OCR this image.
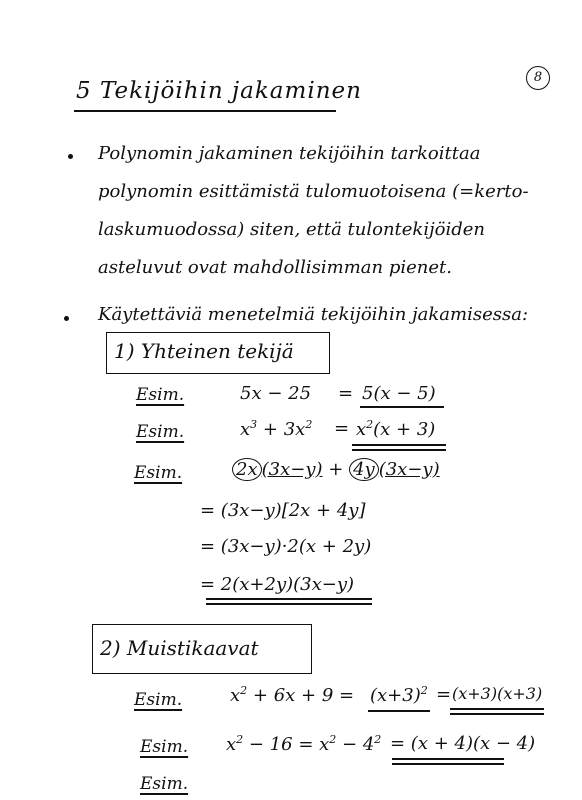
5 Tekijöihin jakaminen
8
Polynomin jakaminen tekijöihin tarkoittaa
polynomin esittämistä tulomuotoisena (=kerto-
laskumuodossa) siten, että tulontekijöiden
asteluvut ovat mahdollisimman pienet.
Käytettäviä menetelmiä tekijöihin jakamisessa:
1) Yhteinen tekijä
Esim.	5x − 25 = 5(x − 5)
Esim.	$x^3 + 3x^2 = x^2(x + 3)$
Esim.	2x (3x−y) + 4y (3x−y)
= (3x−y)[2x + 4y]
= (3x−y)·2(x + 2y)
= 2(x+2y)(3x−y)
2) Muistikaavat
Esim.	$x^2 + 6x + 9 = (x+3)^2 = (x+3)(x+3)$
Esim. $x^2 - 16 = x^2 - 4^2 = (x + 4)(x - 4)$
Esim.
